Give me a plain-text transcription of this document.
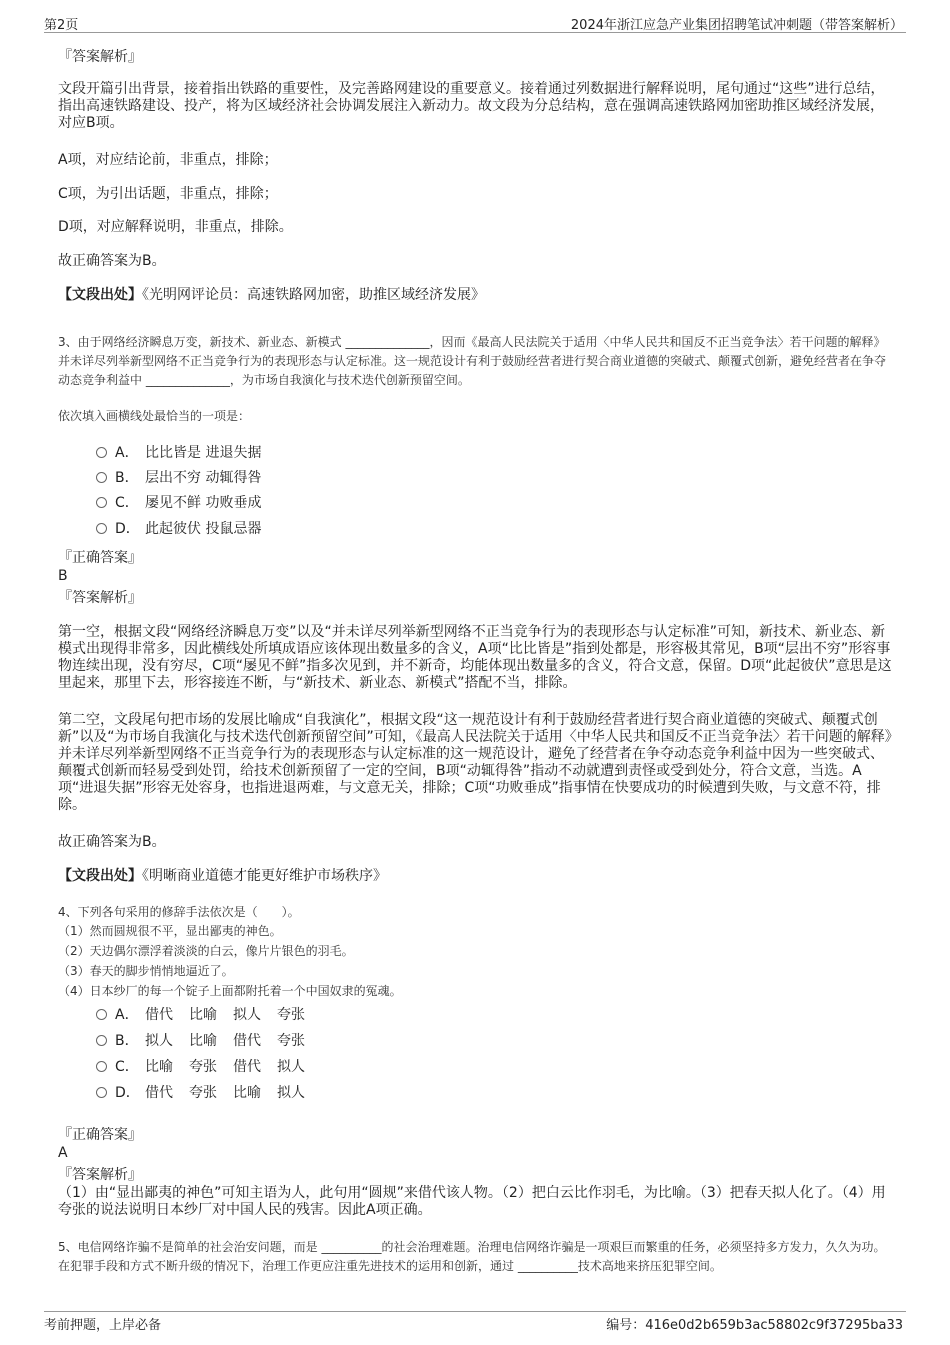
第2页	2024年浙江应急产业集团招聘笔试冲刺题（带答案解析）
『答案解析』
文段开篇引出背景，接着指出铁路的重要性，及完善路网建设的重要意义。接着通过列数据进行解释说明，尾句通过“这些”进行总结，指出高速铁路建设、投产，将为区域经济社会协调发展注入新动力。故文段为分总结构，意在强调高速铁路网加密助推区域经济发展，对应B项。
A项，对应结论前，非重点，排除；
C项，为引出话题，非重点，排除；
D项，对应解释说明，非重点，排除。
故正确答案为B。
【文段出处】《光明网评论员：高速铁路网加密，助推区域经济发展》
3、由于网络经济瞬息万变，新技术、新业态、新模式 ______________，因而《最高人民法院关于适用〈中华人民共和国反不正当竞争法〉若干问题的解释》并未详尽列举新型网络不正当竞争行为的表现形态与认定标准。这一规范设计有利于鼓励经营者进行契合商业道德的突破式、颠覆式创新，避免经营者在争夺动态竞争利益中 ______________，为市场自我演化与技术迭代创新预留空间。
依次填入画横线处最恰当的一项是：
A． 比比皆是 进退失据
B． 层出不穷 动辄得咎
C． 屡见不鲜 功败垂成
D． 此起彼伏 投鼠忌器
『正确答案』
B
『答案解析』
第一空，根据文段“网络经济瞬息万变”以及“并未详尽列举新型网络不正当竞争行为的表现形态与认定标准”可知，新技术、新业态、新模式出现得非常多，因此横线处所填成语应该体现出数量多的含义，A项“比比皆是”指到处都是，形容极其常见，B项“层出不穷”形容事物连续出现，没有穷尽，C项“屡见不鲜”指多次见到，并不新奇，均能体现出数量多的含义，符合文意，保留。D项“此起彼伏”意思是这里起来，那里下去，形容接连不断，与“新技术、新业态、新模式”搭配不当，排除。
第二空，文段尾句把市场的发展比喻成“自我演化”，根据文段“这一规范设计有利于鼓励经营者进行契合商业道德的突破式、颠覆式创新”以及“为市场自我演化与技术迭代创新预留空间”可知，《最高人民法院关于适用〈中华人民共和国反不正当竞争法〉若干问题的解释》并未详尽列举新型网络不正当竞争行为的表现形态与认定标准的这一规范设计，避免了经营者在争夺动态竞争利益中因为一些突破式、颠覆式创新而轻易受到处罚，给技术创新预留了一定的空间，B项“动辄得咎”指动不动就遭到责怪或受到处分，符合文意，当选。A项“进退失据”形容无处容身，也指进退两难，与文意无关，排除；C项“功败垂成”指事情在快要成功的时候遭到失败，与文意不符，排除。
故正确答案为B。
【文段出处】《明晰商业道德才能更好维护市场秩序》
4、下列各句采用的修辞手法依次是（　　）。
（1）然而圆规很不平，显出鄙夷的神色。
（2）天边偶尔漂浮着淡淡的白云，像片片银色的羽毛。
（3）春天的脚步悄悄地逼近了。
（4）日本纱厂的每一个锭子上面都附托着一个中国奴隶的冤魂。
A． 借代 比喻 拟人 夸张
B． 拟人 比喻 借代 夸张
C． 比喻 夸张 借代 拟人
D． 借代 夸张 比喻 拟人
『正确答案』
A
『答案解析』
（1）由“显出鄙夷的神色”可知主语为人，此句用“圆规”来借代该人物。（2）把白云比作羽毛，为比喻。（3）把春天拟人化了。（4）用夸张的说法说明日本纱厂对中国人民的残害。因此A项正确。
5、电信网络诈骗不是简单的社会治安问题，而是 __________的社会治理难题。治理电信网络诈骗是一项艰巨而繁重的任务，必须坚持多方发力，久久为功。在犯罪手段和方式不断升级的情况下，治理工作更应注重先进技术的运用和创新，通过 __________技术高地来挤压犯罪空间。
考前押题，上岸必备	编号：416e0d2b659b3ac58802c9f37295ba33
